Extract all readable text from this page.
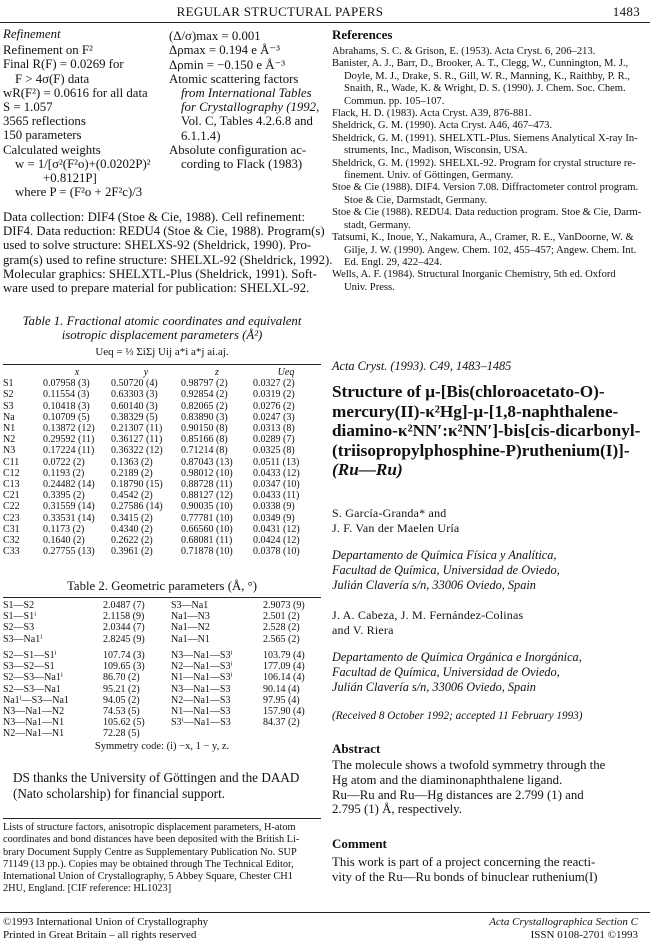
REGULAR STRUCTURAL PAPERS	1483
Refinement
Refinement on F²
Final R(F) = 0.0269 for
F > 4σ(F) data
wR(F²) = 0.0616 for all data
S = 1.057
3565 reflections
150 parameters
Calculated weights
w = 1/[σ²(F²o)+(0.0202P)²
+0.8121P]
where P = (F²o + 2F²c)/3
(Δ/σ)max = 0.001
Δρmax = 0.194 e Å⁻³
Δρmin = −0.150 e Å⁻³
Atomic scattering factors
from International Tables
for Crystallography (1992,
Vol. C, Tables 4.2.6.8 and
6.1.1.4)
Absolute configuration ac-
cording to Flack (1983)
Data collection: DIF4 (Stoe & Cie, 1988). Cell refinement:
DIF4. Data reduction: REDU4 (Stoe & Cie, 1988). Program(s)
used to solve structure: SHELXS-92 (Sheldrick, 1990). Pro-
gram(s) used to refine structure: SHELXL-92 (Sheldrick, 1992).
Molecular graphics: SHELXTL-Plus (Sheldrick, 1991). Soft-
ware used to prepare material for publication: SHELXL-92.
Table 1. Fractional atomic coordinates and equivalent
isotropic displacement parameters (Å²)
Ueq = ⅓ ΣiΣj Uij a*i a*j ai.aj.
	x	y	z	Ueq
S1	0.07958 (3)	0.50720 (4)	0.98797 (2)	0.0327 (2)
S2	0.11554 (3)	0.63303 (3)	0.92854 (2)	0.0319 (2)
S3	0.10418 (3)	0.60140 (3)	0.82065 (2)	0.0276 (2)
Na	0.10709 (5)	0.38329 (5)	0.83890 (3)	0.0247 (3)
N1	0.13872 (12)	0.21307 (11)	0.90150 (8)	0.0313 (8)
N2	0.29592 (11)	0.36127 (11)	0.85166 (8)	0.0289 (7)
N3	0.17224 (11)	0.36322 (12)	0.71214 (8)	0.0325 (8)
C11	0.0722 (2)	0.1363 (2)	0.87043 (13)	0.0511 (13)
C12	0.1193 (2)	0.2189 (2)	0.98012 (10)	0.0433 (12)
C13	0.24482 (14)	0.18790 (15)	0.88728 (11)	0.0347 (10)
C21	0.3395 (2)	0.4542 (2)	0.88127 (12)	0.0433 (11)
C22	0.31559 (14)	0.27586 (14)	0.90035 (10)	0.0338 (9)
C23	0.33531 (14)	0.3415 (2)	0.77781 (10)	0.0349 (9)
C31	0.1173 (2)	0.4340 (2)	0.66560 (10)	0.0431 (12)
C32	0.1640 (2)	0.2622 (2)	0.68081 (11)	0.0424 (12)
C33	0.27755 (13)	0.3961 (2)	0.71878 (10)	0.0378 (10)
Table 2. Geometric parameters (Å, °)
S1—S2	2.0487 (7)	S3—Na1	2.9073 (9)
S1—S1ⁱ	2.1158 (9)	Na1—N3	2.501 (2)
S2—S3	2.0344 (7)	Na1—N2	2.528 (2)
S3—Na1ⁱ	2.8245 (9)	Na1—N1	2.565 (2)
S2—S1—S1ⁱ	107.74 (3)	N3—Na1—S3ⁱ	103.79 (4)
S3—S2—S1	109.65 (3)	N2—Na1—S3ⁱ	177.09 (4)
S2—S3—Na1ⁱ	86.70 (2)	N1—Na1—S3ⁱ	106.14 (4)
S2—S3—Na1	95.21 (2)	N3—Na1—S3	90.14 (4)
Na1ⁱ—S3—Na1	94.05 (2)	N2—Na1—S3	97.95 (4)
N3—Na1—N2	74.53 (5)	N1—Na1—S3	157.90 (4)
N3—Na1—N1	105.62 (5)	S3ⁱ—Na1—S3	84.37 (2)
N2—Na1—N1	72.28 (5)		
Symmetry code: (i) −x, 1 − y, z.
DS thanks the University of Göttingen and the DAAD
(Nato scholarship) for financial support.
Lists of structure factors, anisotropic displacement parameters, H-atom
coordinates and bond distances have been deposited with the British Li-
brary Document Supply Centre as Supplementary Publication No. SUP
71149 (13 pp.). Copies may be obtained through The Technical Editor,
International Union of Crystallography, 5 Abbey Square, Chester CH1
2HU, England. [CIF reference: HL1023]
©1993 International Union of Crystallography
Printed in Great Britain – all rights reserved
Acta Crystallographica Section C
ISSN 0108-2701 ©1993
References
Abrahams, S. C. & Grison, E. (1953). Acta Cryst. 6, 206–213.
Banister, A. J., Barr, D., Brooker, A. T., Clegg, W., Cunnington, M. J.,
Doyle, M. J., Drake, S. R., Gill, W. R., Manning, K., Raithby, P. R.,
Snaith, R., Wade, K. & Wright, D. S. (1990). J. Chem. Soc. Chem.
Commun. pp. 105–107.
Flack, H. D. (1983). Acta Cryst. A39, 876-881.
Sheldrick, G. M. (1990). Acta Cryst. A46, 467–473.
Sheldrick, G. M. (1991). SHELXTL-Plus. Siemens Analytical X-ray In-
struments, Inc., Madison, Wisconsin, USA.
Sheldrick, G. M. (1992). SHELXL-92. Program for crystal structure re-
finement. Univ. of Göttingen, Germany.
Stoe & Cie (1988). DIF4. Version 7.08. Diffractometer control program.
Stoe & Cie, Darmstadt, Germany.
Stoe & Cie (1988). REDU4. Data reduction program. Stoe & Cie, Darm-
stadt, Germany.
Tatsumi, K., Inoue, Y., Nakamura, A., Cramer, R. E., VanDoorne, W. &
Gilje, J. W. (1990). Angew. Chem. 102, 455–457; Angew. Chem. Int.
Ed. Engl. 29, 422–424.
Wells, A. F. (1984). Structural Inorganic Chemistry, 5th ed. Oxford
Univ. Press.
Acta Cryst. (1993). C49, 1483–1485
Structure of μ-[Bis(chloroacetato-O)-
mercury(II)-κ²Hg]-μ-[1,8-naphthalene-
diamino-κ²NN′:κ²NN′]-bis[cis-dicarbonyl-
(triisopropylphosphine-P)ruthenium(I)]-
(Ru—Ru)
S. García-Granda* and
J. F. Van der Maelen Uría
Departamento de Química Física y Analítica,
Facultad de Química, Universidad de Oviedo,
Julián Clavería s/n, 33006 Oviedo, Spain
J. A. Cabeza, J. M. Fernández-Colinas
and V. Riera
Departamento de Química Orgánica e Inorgánica,
Facultad de Química, Universidad de Oviedo,
Julián Clavería s/n, 33006 Oviedo, Spain
(Received 8 October 1992; accepted 11 February 1993)
Abstract
The molecule shows a twofold symmetry through the
Hg atom and the diaminonaphthalene ligand.
Ru—Ru and Ru—Hg distances are 2.799 (1) and
2.795 (1) Å, respectively.
Comment
This work is part of a project concerning the reacti-
vity of the Ru—Ru bonds of binuclear ruthenium(I)
